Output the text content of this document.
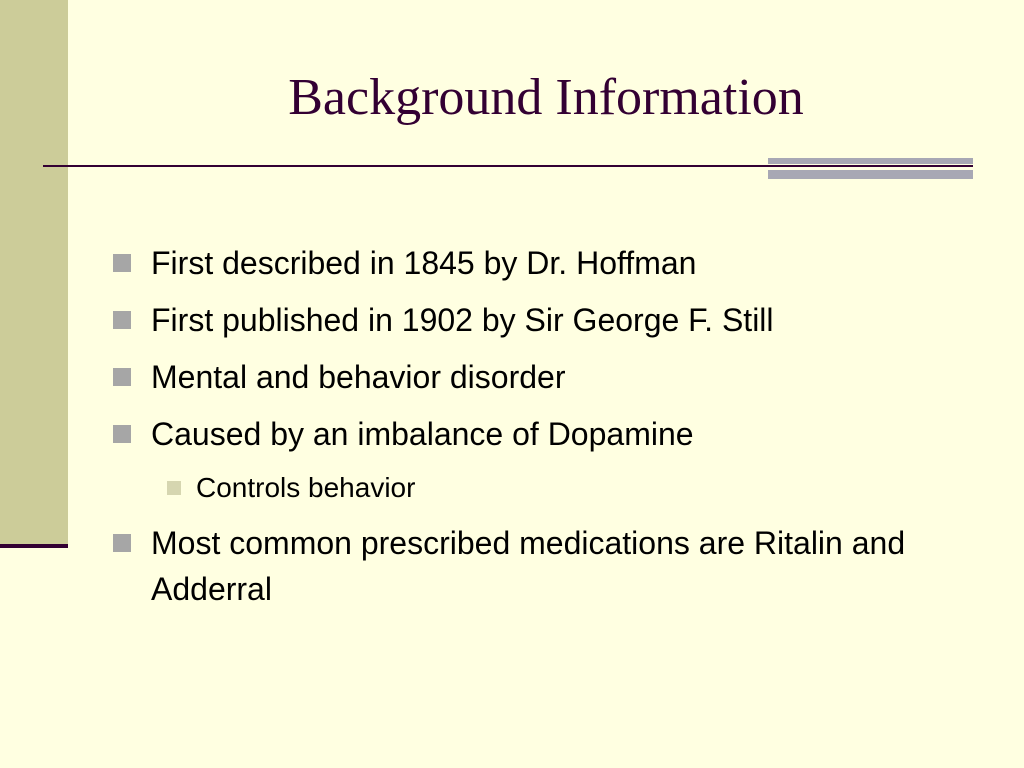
Background Information
First described in 1845 by Dr. Hoffman
First published in 1902 by Sir George F. Still
Mental and behavior disorder
Caused by an imbalance of Dopamine
Controls behavior
Most common prescribed medications are Ritalin and Adderral
